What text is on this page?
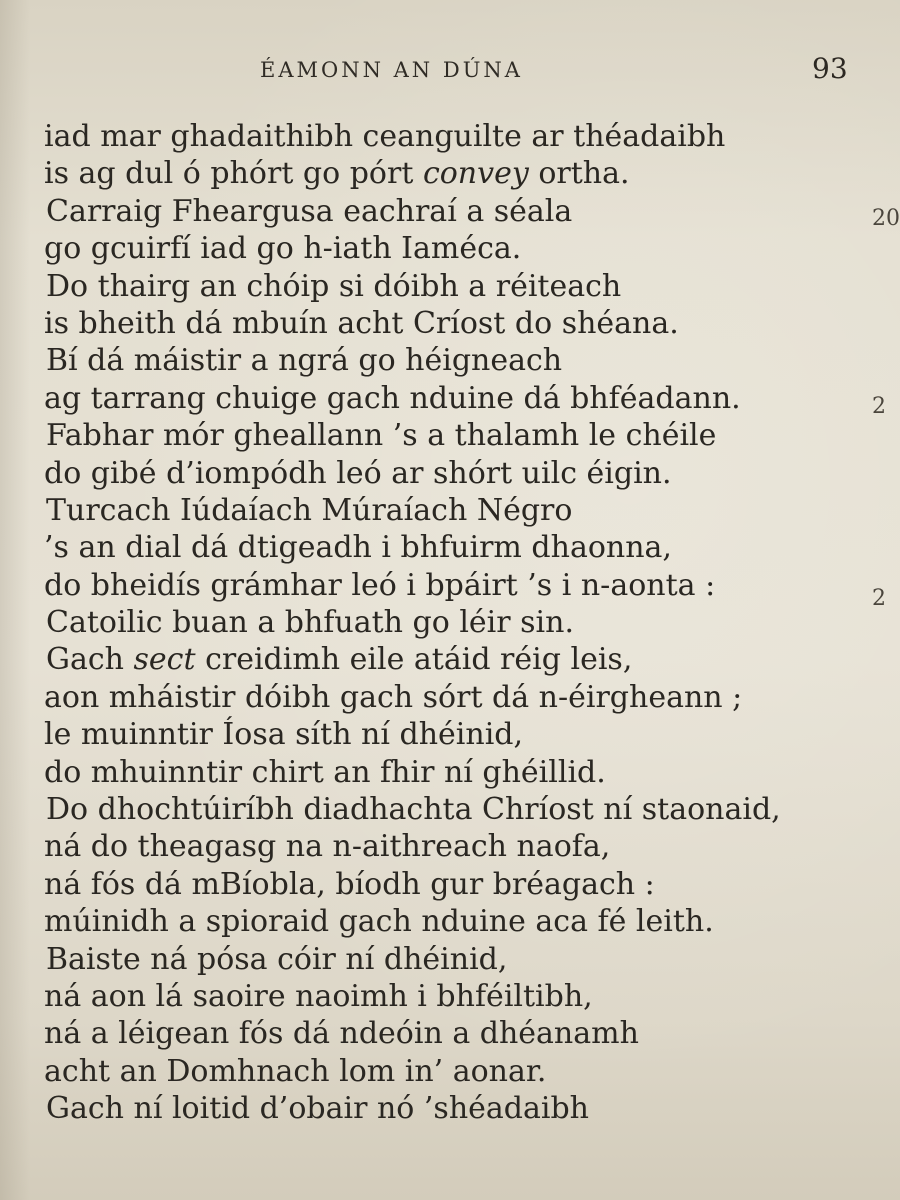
ÉAMONN AN DÚNA	93
iad mar ghadaithibh ceanguilte ar théadaibh
is ag dul ó phórt go pórt convey ortha.
Carraig Fheargusa eachraí a séala
go gcuirfí iad go h-iath Iaméca.
Do thairg an chóip si dóibh a réiteach
is bheith dá mbuín acht Críost do shéana.
Bí dá máistir a ngrá go héigneach
ag tarrang chuige gach nduine dá bhféadann.
Fabhar mór gheallann ’s a thalamh le chéile
do gibé d’iompódh leó ar shórt uilc éigin.
Turcach Iúdaíach Múraíach Négro
’s an dial dá dtigeadh i bhfuirm dhaonna,
do bheidís grámhar leó i bpáirt ’s i n-aonta :
Catoilic buan a bhfuath go léir sin.
Gach sect creidimh eile atáid réig leis,
aon mháistir dóibh gach sórt dá n-éirgheann ;
le muinntir Íosa síth ní dhéinid,
do mhuinntir chirt an fhir ní ghéillid.
Do dhochtúiríbh diadhachta Chríost ní staonaid,
ná do theagasg na n-aithreach naofa,
ná fós dá mBíobla, bíodh gur bréagach :
múinidh a spioraid gach nduine aca fé leith.
Baiste ná pósa cóir ní dhéinid,
ná aon lá saoire naoimh i bhféiltibh,
ná a léigean fós dá ndeóin a dhéanamh
acht an Domhnach lom in’ aonar.
Gach ní loitid d’obair nó ’shéadaibh
20
2
2
